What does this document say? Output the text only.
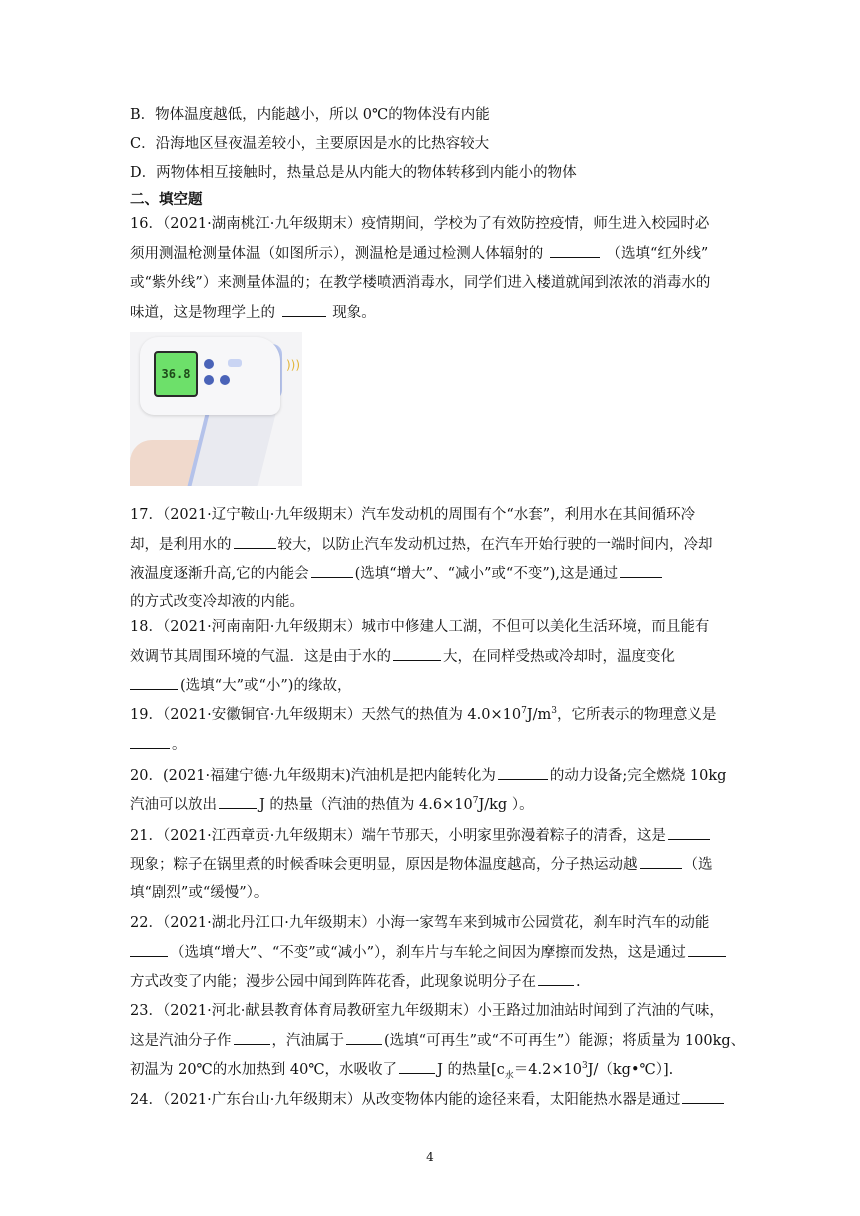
B．物体温度越低，内能越小，所以 0℃的物体没有内能
C．沿海地区昼夜温差较小，主要原因是水的比热容较大
D．两物体相互接触时，热量总是从内能大的物体转移到内能小的物体
二、填空题
16．（2021·湖南桃江·九年级期末）疫情期间，学校为了有效防控疫情，师生进入校园时必
须用测温枪测量体温（如图所示），测温枪是通过检测人体辐射的	（选填“红外线”
或“紫外线”）来测量体温的；在教学楼喷洒消毒水，同学们进入楼道就闻到浓浓的消毒水的
味道，这是物理学上的	现象。
36.8
)))
17．（2021·辽宁鞍山·九年级期末）汽车发动机的周围有个“水套”，利用水在其间循环冷
却，是利用水的	较大，以防止汽车发动机过热，在汽车开始行驶的一端时间内，冷却
液温度逐渐升高,它的内能会	(选填“增大”、“减小”或“不变”),这是通过
的方式改变冷却液的内能。
18．（2021·河南南阳·九年级期末）城市中修建人工湖，不但可以美化生活环境，而且能有
效调节其周围环境的气温．这是由于水的	大，在同样受热或冷却时，温度变化
(选填“大”或“小”)的缘故，
19．（2021·安徽铜官·九年级期末）天然气的热值为 $4.0\times 10^7J/m^3$，它所表示的物理意义是
。
20．(2021·福建宁德·九年级期末)汽油机是把内能转化为	的动力设备;完全燃烧 10kg
汽油可以放出	J 的热量（汽油的热值为 $4.6\times 10^7J/kg$ ）。
21．（2021·江西章贡·九年级期末）端午节那天，小明家里弥漫着粽子的清香，这是
现象；粽子在锅里煮的时候香味会更明显，原因是物体温度越高，分子热运动越	（选
填“剧烈”或“缓慢”）。
22．（2021·湖北丹江口·九年级期末）小海一家驾车来到城市公园赏花，刹车时汽车的动能
（选填“增大”、“不变”或“减小”），刹车片与车轮之间因为摩擦而发热，这是通过
方式改变了内能；漫步公园中闻到阵阵花香，此现象说明分子在	.
23．（2021·河北·献县教育体育局教研室九年级期末）小王路过加油站时闻到了汽油的气味，
这是汽油分子作	，汽油属于	(选填“可再生”或“不可再生”）能源；将质量为 100kg、
初温为 20℃的水加热到 40℃，水吸收了	J 的热量$[c_水=4.2\times 10^3J/(kg•℃)]$.
24．（2021·广东台山·九年级期末）从改变物体内能的途径来看，太阳能热水器是通过
4
